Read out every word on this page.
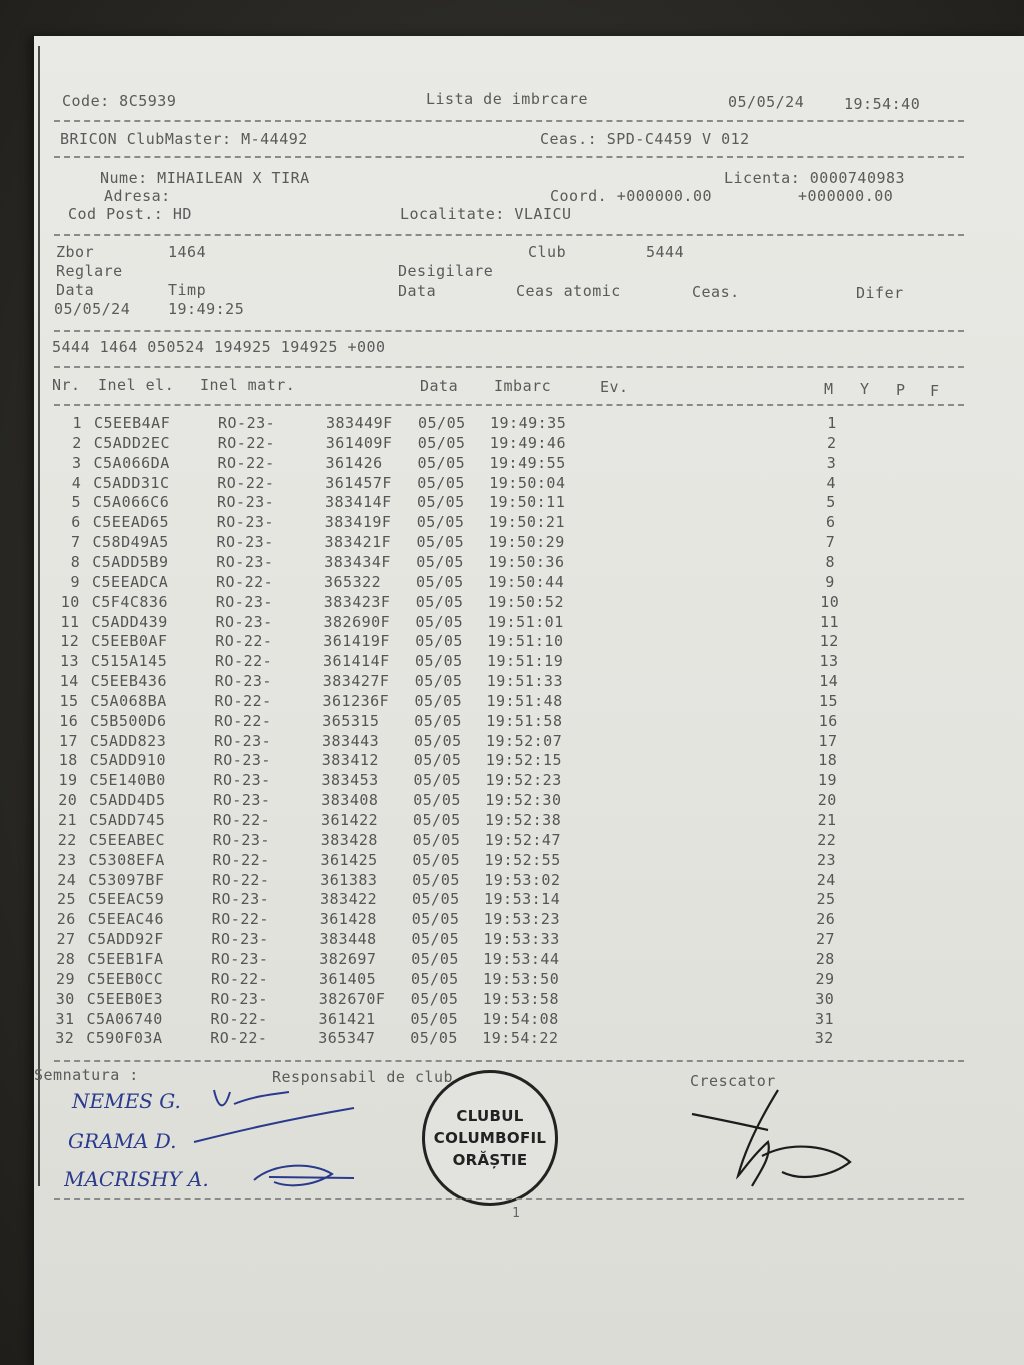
Code: 8C5939	Lista de imbrcare	05/05/24	19:54:40
BRICON ClubMaster: M-44492	Ceas.: SPD-C4459 V 012
Nume: MIHAILEAN X TIRA	Licenta: 0000740983
Adresa:	Coord. +000000.00	+000000.00
Cod Post.: HD	Localitate: VLAICU
Zbor	1464	Club	5444
Reglare	Desigilare
Data	Timp	Data	Ceas atomic	Ceas.	Difer
05/05/24	19:49:25
5444 1464 050524 194925 194925 +000
Nr. Inel el. Inel matr.	Data Imbarc	Ev.	M Y P F
1 C5EEB4AF	RO-23-	383449F 05/05 19:49:35	1
2 C5ADD2EC	RO-22-	361409F 05/05 19:49:46	2
3 C5A066DA	RO-22-	361426 05/05 19:49:55	3
4 C5ADD31C	RO-22-	361457F 05/05 19:50:04	4
5 C5A066C6	RO-23-	383414F 05/05 19:50:11	5
6 C5EEAD65	RO-23-	383419F 05/05 19:50:21	6
7 C58D49A5	RO-23-	383421F 05/05 19:50:29	7
8 C5ADD5B9	RO-23-	383434F 05/05 19:50:36	8
9 C5EEADCA	RO-22-	365322 05/05 19:50:44	9
10 C5F4C836	RO-23-	383423F 05/05 19:50:52	10
11 C5ADD439	RO-23-	382690F 05/05 19:51:01	11
12 C5EEB0AF	RO-22-	361419F 05/05 19:51:10	12
13 C515A145	RO-22-	361414F 05/05 19:51:19	13
14 C5EEB436	RO-23-	383427F 05/05 19:51:33	14
15 C5A068BA	RO-22-	361236F 05/05 19:51:48	15
16 C5B500D6	RO-22-	365315 05/05 19:51:58	16
17 C5ADD823	RO-23-	383443 05/05 19:52:07	17
18 C5ADD910	RO-23-	383412 05/05 19:52:15	18
19 C5E140B0	RO-23-	383453 05/05 19:52:23	19
20 C5ADD4D5	RO-23-	383408 05/05 19:52:30	20
21 C5ADD745	RO-22-	361422 05/05 19:52:38	21
22 C5EEABEC	RO-23-	383428 05/05 19:52:47	22
23 C5308EFA	RO-22-	361425 05/05 19:52:55	23
24 C53097BF	RO-22-	361383 05/05 19:53:02	24
25 C5EEAC59	RO-23-	383422 05/05 19:53:14	25
26 C5EEAC46	RO-22-	361428 05/05 19:53:23	26
27 C5ADD92F	RO-23-	383448 05/05 19:53:33	27
28 C5EEB1FA	RO-23-	382697 05/05 19:53:44	28
29 C5EEB0CC	RO-22-	361405 05/05 19:53:50	29
30 C5EEB0E3	RO-23-	382670F 05/05 19:53:58	30
31 C5A06740	RO-22-	361421 05/05 19:54:08	31
32 C590F03A	RO-22-	365347 05/05 19:54:22	32
Semnatura :	Responsabil de club	Crescator
NEMES G.
GRAMA D.
MACRISHY A.
CLUBUL
COLUMBOFIL
ORĂȘTIE
1
